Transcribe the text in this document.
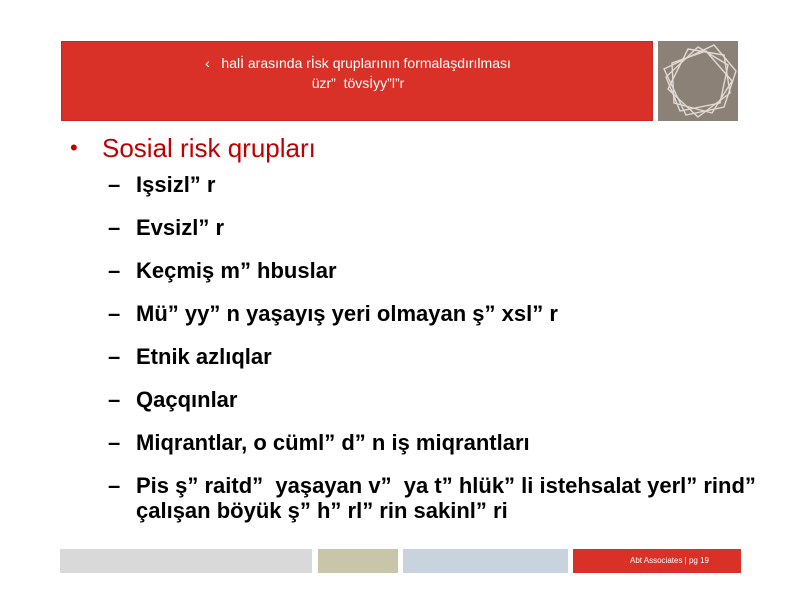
‹   halİ arasında rİsk qruplarının formalaşdırılması
üzr”  tövsİyy”l”r
• Sosial risk qrupları
– Işsizl” r
– Evsizl” r
– Keçmiş m” hbuslar
– Mü” yy” n yaşayış yeri olmayan ş” xsl” r
– Etnik azlıqlar
– Qaçqınlar
– Miqrantlar, o cüml” d” n iş miqrantları
– Pis ş” raitd”  yaşayan v”  ya t” hlük” li istehsalat yerl” rind”  çalışan böyük ş” h” rl” rin sakinl” ri
Abt Associates | pg 19
